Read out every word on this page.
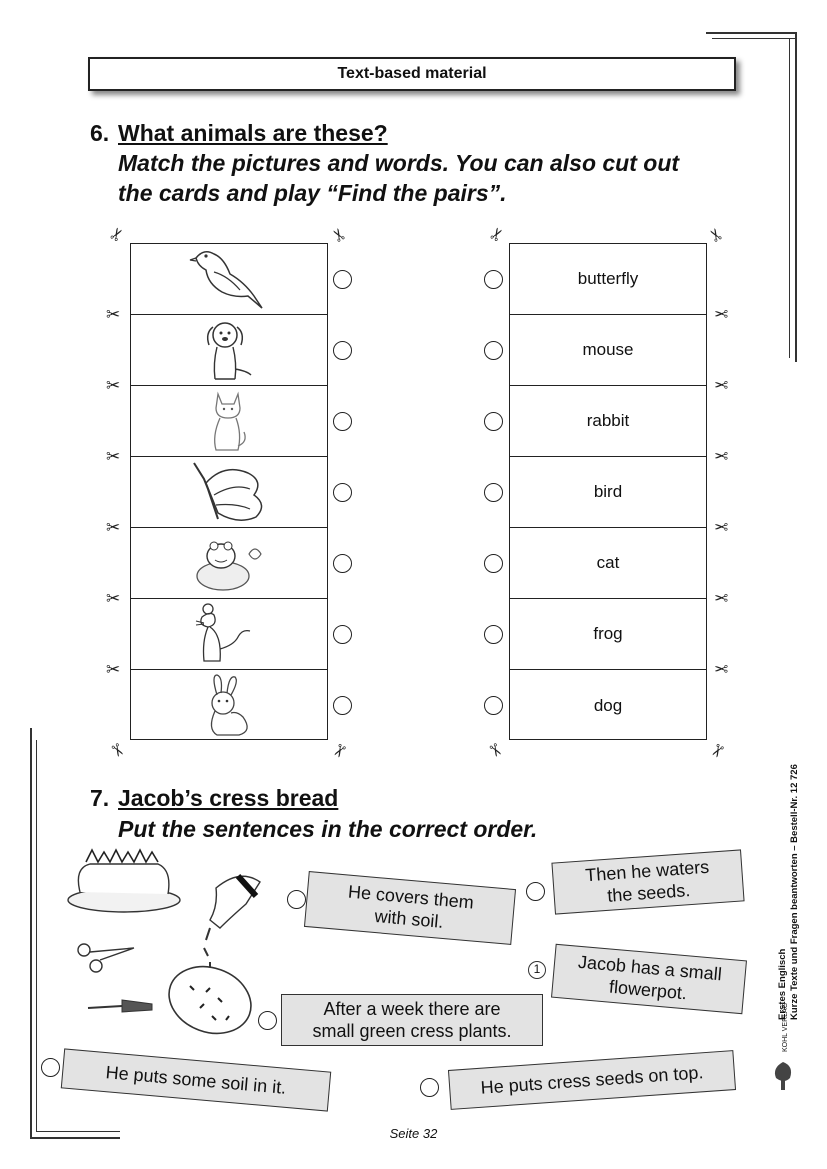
Text-based material
6. What animals are these?
Match the pictures and words. You can also cut out
the cards and play “Find the pairs”.
butterfly
mouse
rabbit
bird
cat
frog
dog
✂	✂	✂	✂
✂
✂
✂
✂
✂
✂
✂
✂
✂
✂
✂
✂
✂	✂	✂	✂
7. Jacob’s cress bread
Put the sentences in the correct order.
He covers them
with soil.
Then he waters
the seeds.
1	Jacob has a small
flowerpot.
After a week there are
small green cress plants.
He puts some soil in it.	He puts cress seeds on top.
Erstes Englisch Kurze Texte und Fragen beantworten – Bestell-Nr. 12 726
KOHL VERLAG
Seite 32
